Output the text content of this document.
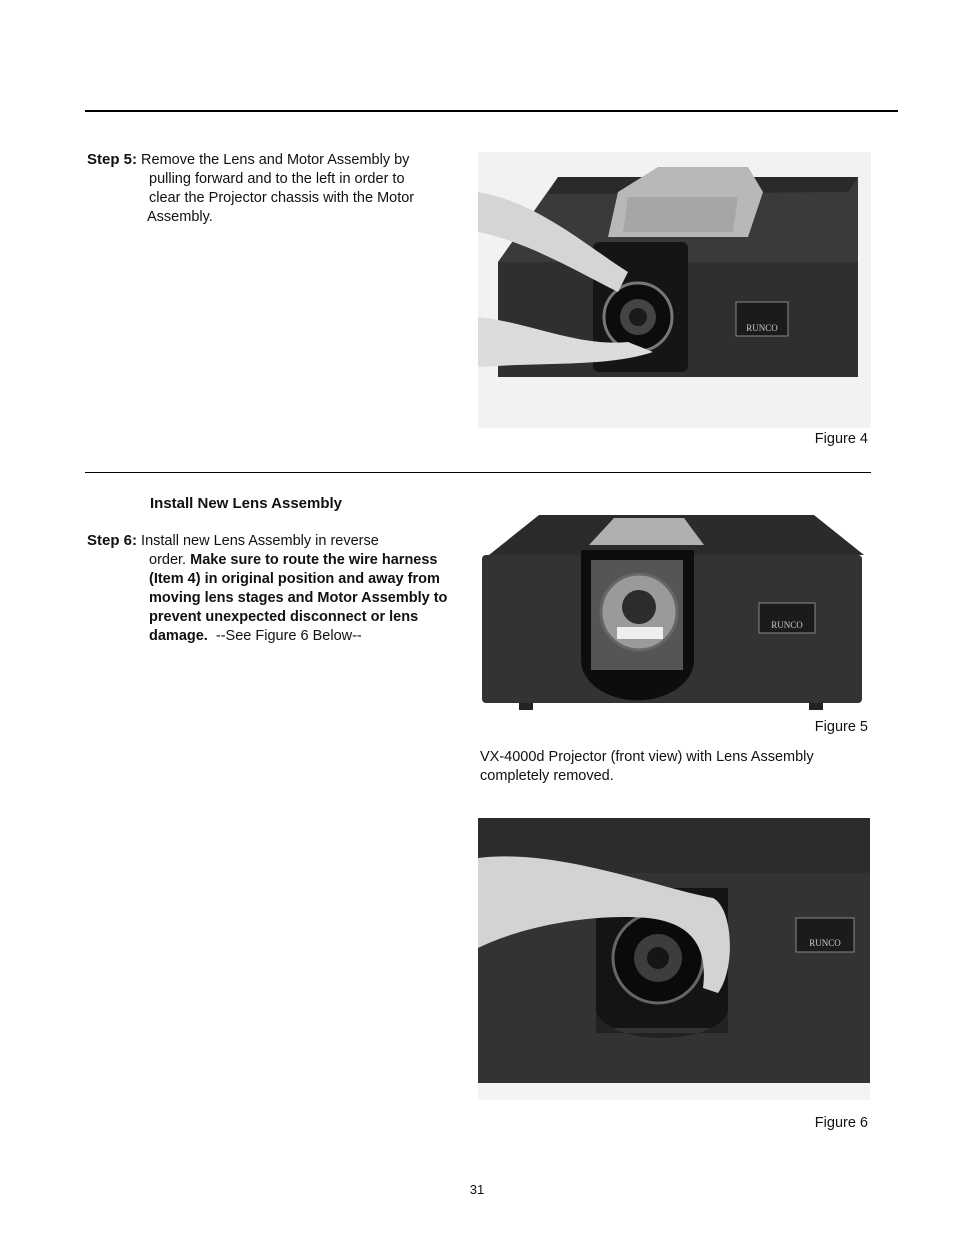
Step 5: Remove the Lens and Motor Assembly by
pulling forward and to the left in order to
clear the Projector chassis with the Motor
Assembly.
RUNCO
Figure 4
Install New Lens Assembly
Step 6: Install new Lens Assembly in reverse
order. Make sure to route the wire harness
(Item 4) in original position and away from
moving lens stages and Motor Assembly to
prevent unexpected disconnect or lens
damage.  --See Figure 6 Below--
RUNCO
Figure 5
VX-4000d Projector (front view) with Lens Assembly
completely removed.
RUNCO
Figure 6
31
